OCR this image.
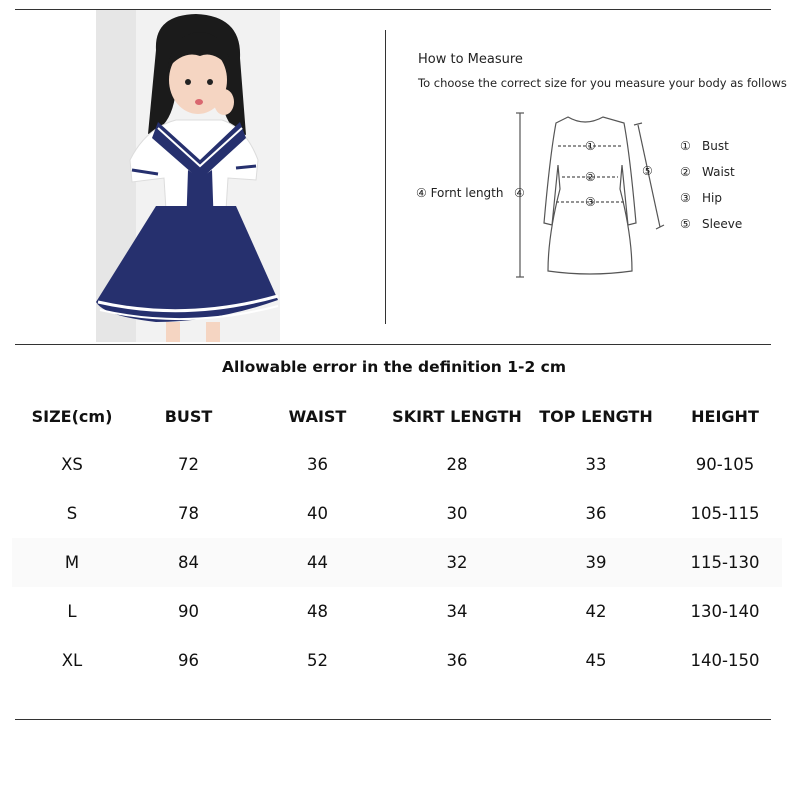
How to Measure
To choose the correct size for you measure your body as follows
④ Fornt length ④
①
②
③
⑤
① Bust
② Waist
③ Hip
⑤ Sleeve
Allowable error in the definition 1-2 cm
SIZE(cm)	BUST	WAIST	SKIRT LENGTH	TOP LENGTH	HEIGHT
XS	72	36	28	33	90-105
S	78	40	30	36	105-115
M	84	44	32	39	115-130
L	90	48	34	42	130-140
XL	96	52	36	45	140-150
